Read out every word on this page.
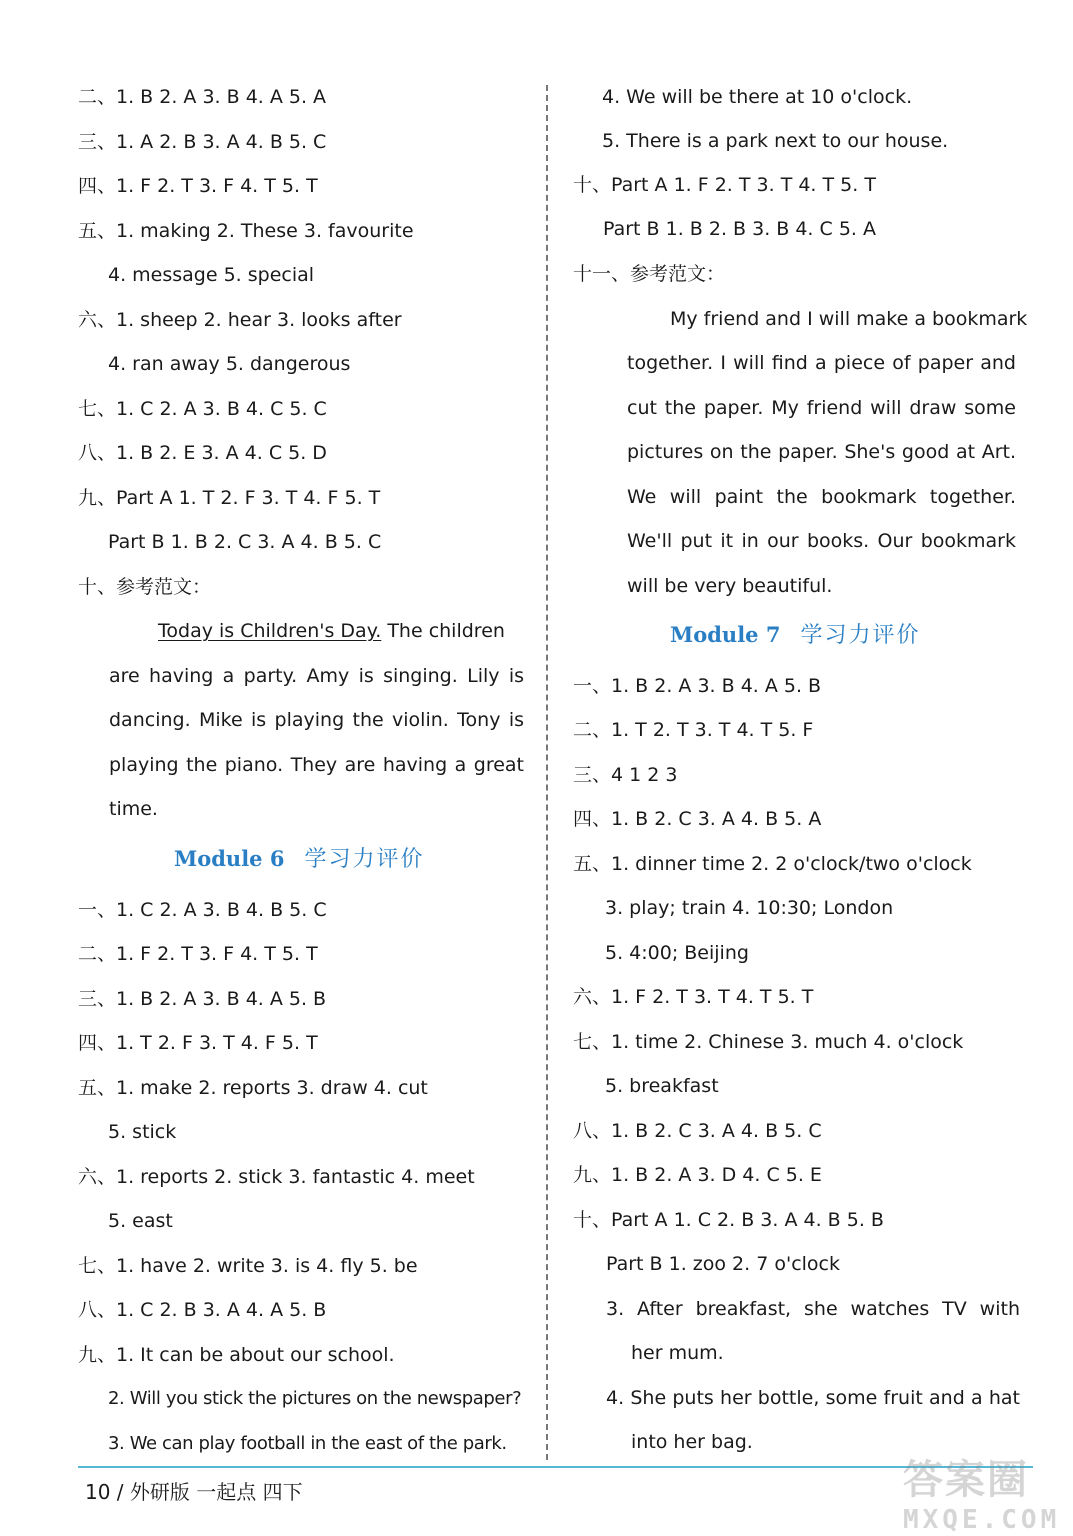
二、1. B 2. A 3. B 4. A 5. A
三、1. A 2. B 3. A 4. B 5. C
四、1. F 2. T 3. F 4. T 5. T
五、1. making 2. These 3. favourite
4. message 5. special
六、1. sheep 2. hear 3. looks after
4. ran away 5. dangerous
七、1. C 2. A 3. B 4. C 5. C
八、1. B 2. E 3. A 4. C 5. D
九、Part A 1. T 2. F 3. T 4. F 5. T
Part B 1. B 2. C 3. A 4. B 5. C
十、参考范文：
Today is Children's Day. The children
are having a party. Amy is singing. Lily is
dancing. Mike is playing the violin. Tony is
playing the piano. They are having a great
time.
Module 6 学习力评价
一、1. C 2. A 3. B 4. B 5. C
二、1. F 2. T 3. F 4. T 5. T
三、1. B 2. A 3. B 4. A 5. B
四、1. T 2. F 3. T 4. F 5. T
五、1. make 2. reports 3. draw 4. cut
5. stick
六、1. reports 2. stick 3. fantastic 4. meet
5. east
七、1. have 2. write 3. is 4. fly 5. be
八、1. C 2. B 3. A 4. A 5. B
九、1. It can be about our school.
2. Will you stick the pictures on the newspaper?
3. We can play football in the east of the park.
4. We will be there at 10 o'clock.
5. There is a park next to our house.
十、Part A 1. F 2. T 3. T 4. T 5. T
Part B 1. B 2. B 3. B 4. C 5. A
十一、参考范文：
My friend and I will make a bookmark
together. I will find a piece of paper and
cut the paper. My friend will draw some
pictures on the paper. She's good at Art.
We will paint the bookmark together.
We'll put it in our books. Our bookmark
will be very beautiful.
Module 7 学习力评价
一、1. B 2. A 3. B 4. A 5. B
二、1. T 2. T 3. T 4. T 5. F
三、4 1 2 3
四、1. B 2. C 3. A 4. B 5. A
五、1. dinner time 2. 2 o'clock/two o'clock
3. play; train 4. 10:30; London
5. 4:00; Beijing
六、1. F 2. T 3. T 4. T 5. T
七、1. time 2. Chinese 3. much 4. o'clock
5. breakfast
八、1. B 2. C 3. A 4. B 5. C
九、1. B 2. A 3. D 4. C 5. E
十、Part A 1. C 2. B 3. A 4. B 5. B
Part B 1. zoo 2. 7 o'clock
3. After breakfast, she watches TV with
her mum.
4. She puts her bottle, some fruit and a hat
into her bag.
10 / 外研版 一起点 四下	答案圈
MXQE.COM
